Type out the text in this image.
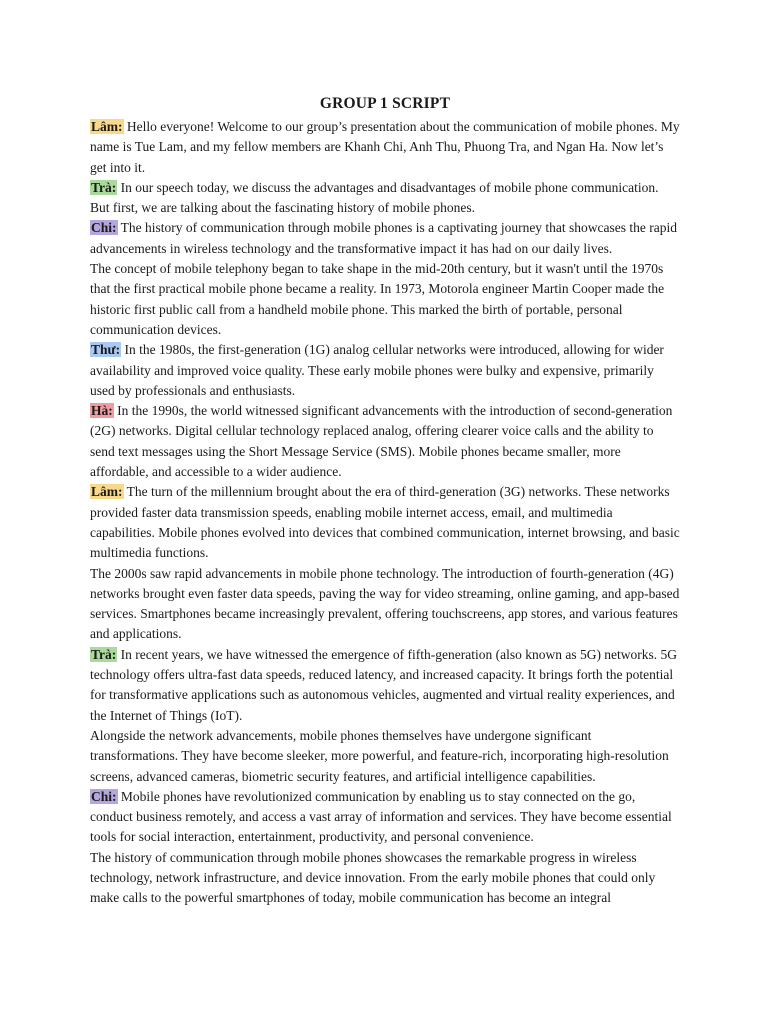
GROUP 1 SCRIPT

Lâm: Hello everyone! Welcome to our group’s presentation about the communication of mobile phones. My name is Tue Lam, and my fellow members are Khanh Chi, Anh Thu, Phuong Tra, and Ngan Ha. Now let’s get into it.

Trà: In our speech today, we discuss the advantages and disadvantages of mobile phone communication. But first, we are talking about the fascinating history of mobile phones.

Chi: The history of communication through mobile phones is a captivating journey that showcases the rapid advancements in wireless technology and the transformative impact it has had on our daily lives.

The concept of mobile telephony began to take shape in the mid-20th century, but it wasn't until the 1970s that the first practical mobile phone became a reality. In 1973, Motorola engineer Martin Cooper made the historic first public call from a handheld mobile phone. This marked the birth of portable, personal communication devices.

Thư: In the 1980s, the first-generation (1G) analog cellular networks were introduced, allowing for wider availability and improved voice quality. These early mobile phones were bulky and expensive, primarily used by professionals and enthusiasts.

Hà: In the 1990s, the world witnessed significant advancements with the introduction of second-generation (2G) networks. Digital cellular technology replaced analog, offering clearer voice calls and the ability to send text messages using the Short Message Service (SMS). Mobile phones became smaller, more affordable, and accessible to a wider audience.

Lâm: The turn of the millennium brought about the era of third-generation (3G) networks. These networks provided faster data transmission speeds, enabling mobile internet access, email, and multimedia capabilities. Mobile phones evolved into devices that combined communication, internet browsing, and basic multimedia functions.

The 2000s saw rapid advancements in mobile phone technology. The introduction of fourth-generation (4G) networks brought even faster data speeds, paving the way for video streaming, online gaming, and app-based services. Smartphones became increasingly prevalent, offering touchscreens, app stores, and various features and applications.

Trà: In recent years, we have witnessed the emergence of fifth-generation (also known as 5G) networks. 5G technology offers ultra-fast data speeds, reduced latency, and increased capacity. It brings forth the potential for transformative applications such as autonomous vehicles, augmented and virtual reality experiences, and the Internet of Things (IoT).

Alongside the network advancements, mobile phones themselves have undergone significant transformations. They have become sleeker, more powerful, and feature-rich, incorporating high-resolution screens, advanced cameras, biometric security features, and artificial intelligence capabilities.

Chi: Mobile phones have revolutionized communication by enabling us to stay connected on the go, conduct business remotely, and access a vast array of information and services. They have become essential tools for social interaction, entertainment, productivity, and personal convenience.

The history of communication through mobile phones showcases the remarkable progress in wireless technology, network infrastructure, and device innovation. From the early mobile phones that could only make calls to the powerful smartphones of today, mobile communication has become an integral
